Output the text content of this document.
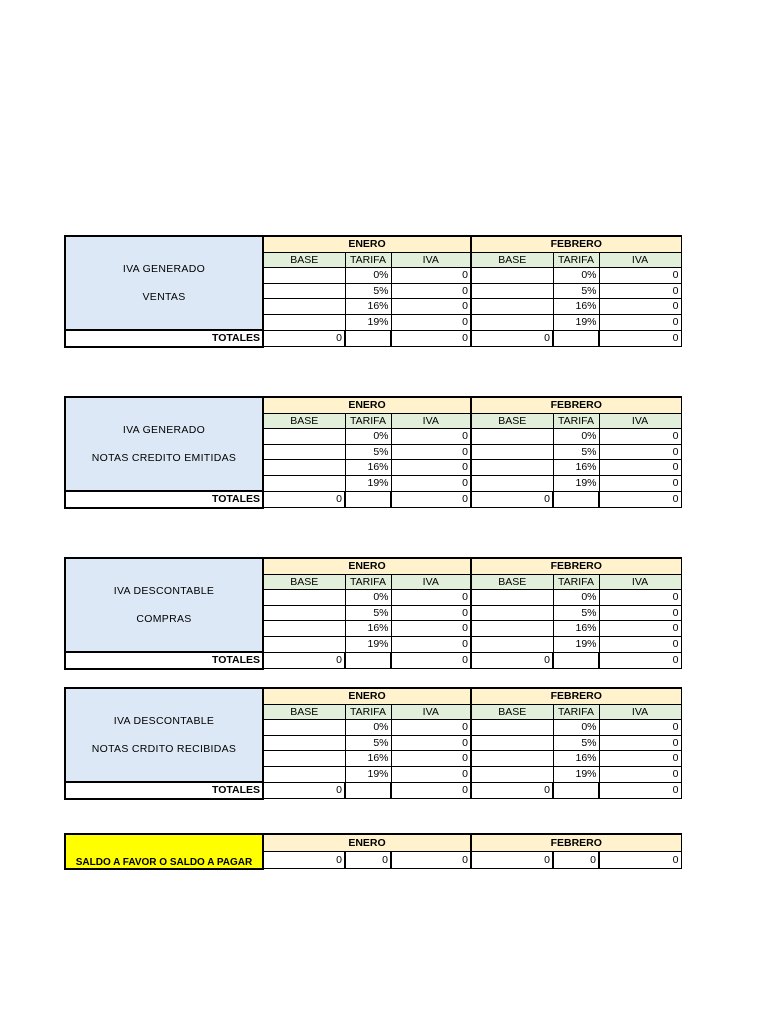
IVA GENERADO
VENTAS	ENERO			FEBRERO		
	BASE	TARIFA	IVA	BASE	TARIFA	IVA
		0%	0		0%	0
		5%	0		5%	0
		16%	0		16%	0
		19%	0		19%	0
TOTALES	0		0	0		0
IVA GENERADO
NOTAS CREDITO EMITIDAS	ENERO			FEBRERO		
	BASE	TARIFA	IVA	BASE	TARIFA	IVA
		0%	0		0%	0
		5%	0		5%	0
		16%	0		16%	0
		19%	0		19%	0
TOTALES	0		0	0		0
IVA DESCONTABLE
COMPRAS	ENERO			FEBRERO		
	BASE	TARIFA	IVA	BASE	TARIFA	IVA
		0%	0		0%	0
		5%	0		5%	0
		16%	0		16%	0
		19%	0		19%	0
TOTALES	0		0	0		0
IVA DESCONTABLE
NOTAS CRDITO RECIBIDAS	ENERO			FEBRERO		
	BASE	TARIFA	IVA	BASE	TARIFA	IVA
		0%	0		0%	0
		5%	0		5%	0
		16%	0		16%	0
		19%	0		19%	0
TOTALES	0		0	0		0
SALDO A FAVOR O SALDO A PAGAR	ENERO			FEBRERO		
	0	0	0	0	0	0
